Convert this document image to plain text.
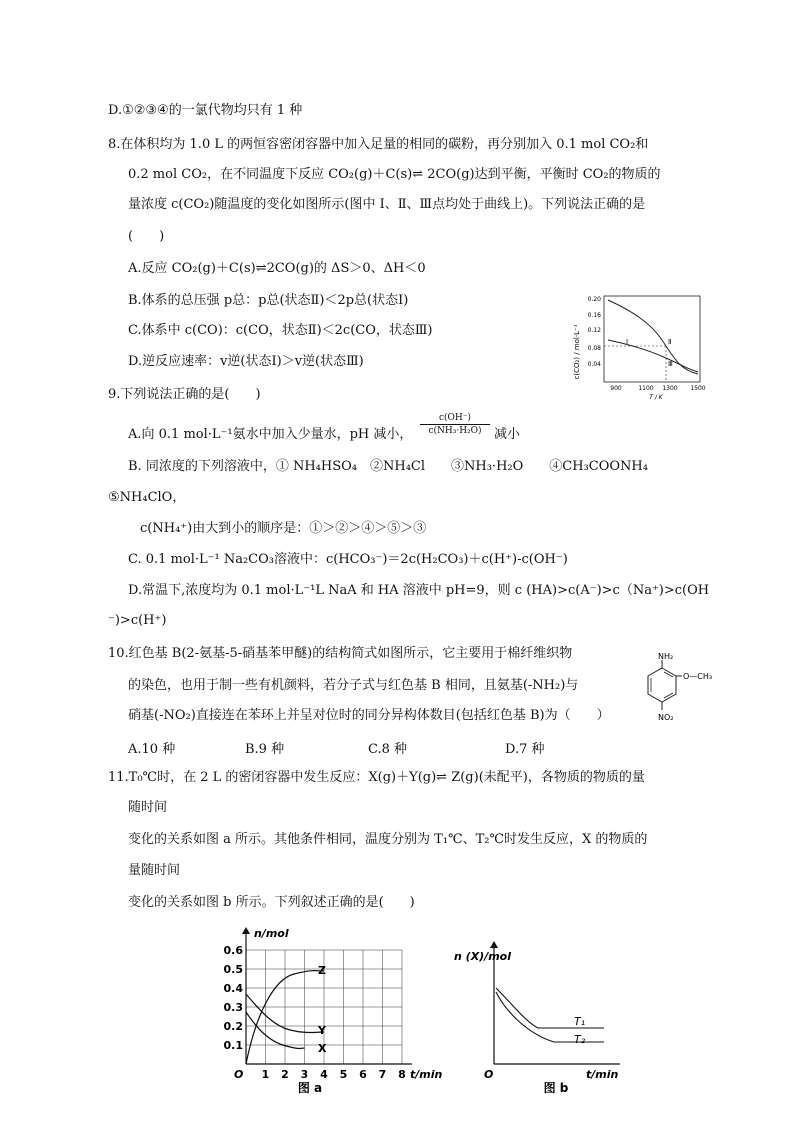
D.①②③④的一氯代物均只有 1 种
8.在体积均为 1.0 L 的两恒容密闭容器中加入足量的相同的碳粉，再分别加入 0.1 mol CO₂和
0.2 mol CO₂，在不同温度下反应 CO₂(g)＋C(s)⇌ 2CO(g)达到平衡，平衡时 CO₂的物质的
量浓度 c(CO₂)随温度的变化如图所示(图中 Ⅰ、Ⅱ、Ⅲ点均处于曲线上)。下列说法正确的是
(　　)
A.反应 CO₂(g)＋C(s)⇌2CO(g)的 ΔS＞0、ΔH＜0
B.体系的总压强 p总：p总(状态Ⅱ)＜2p总(状态Ⅰ)
C.体系中 c(CO)：c(CO，状态Ⅱ)＜2c(CO，状态Ⅲ)
D.逆反应速率：v逆(状态Ⅰ)＞v逆(状态Ⅲ)	c(CO₂) / mol·L⁻¹
0.20
0.16
0.12
0.08
0.04
900	1100 1300 1500
T / K
Ⅰ	Ⅱ
Ⅲ
9.下列说法正确的是(　　)
A.向 0.1 mol·L⁻¹氨水中加入少量水，pH 减小，
c(OH⁻)
c(NH₃·H₂O) 减小
B. 同浓度的下列溶液中，① NH₄HSO₄　②NH₄Cl　　③NH₃·H₂O　　④CH₃COONH₄
⑤NH₄ClO，
c(NH₄⁺)由大到小的顺序是：①＞②＞④＞⑤＞③
C. 0.1 mol·L⁻¹ Na₂CO₃溶液中：c(HCO₃⁻)＝2c(H₂CO₃)＋c(H⁺)-c(OH⁻)
D.常温下,浓度均为 0.1 mol·L⁻¹L NaA 和 HA 溶液中 pH=9，则 c (HA)>c(A⁻)>c（Na⁺)>c(OH
⁻)>c(H⁺)
10.红色基 B(2-氨基-5-硝基苯甲醚)的结构简式如图所示，它主要用于棉纤维织物
的染色，也用于制一些有机颜料，若分子式与红色基 B 相同，且氨基(-NH₂)与
硝基(-NO₂)直接连在苯环上并呈对位时的同分异构体数目(包括红色基 B)为（　　）
A.10 种	B.9 种	C.8 种	D.7 种
NH₂
O—CH₃
NO₂
11.T₀℃时，在 2 L 的密闭容器中发生反应：X(g)＋Y(g)⇌ Z(g)(未配平)，各物质的物质的量
随时间
变化的关系如图 a 所示。其他条件相同，温度分别为 T₁℃、T₂℃时发生反应，X 的物质的
量随时间
变化的关系如图 b 所示。下列叙述正确的是(　　)
n/mol
0.6
0.5
0.4
0.3
0.2
0.1
O 1 2 3 4 5 6 7 8 t/min
Z
Y
X
图 a
n (X)/mol
O	t/min
T₁
T₂
图 b
